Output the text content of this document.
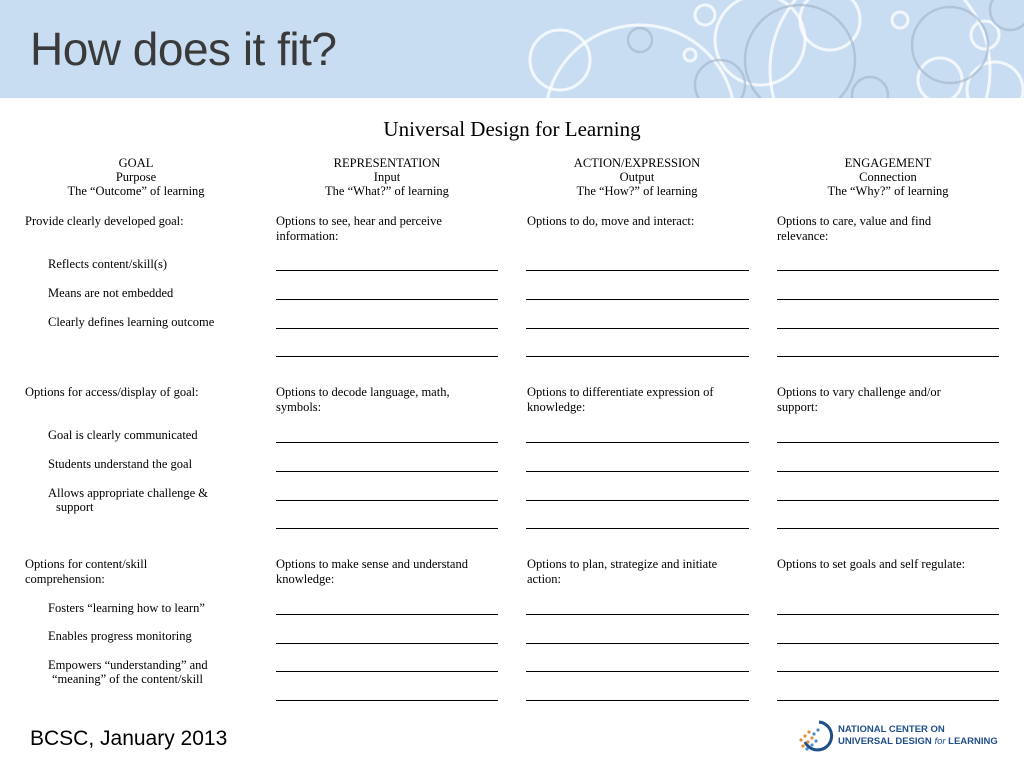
How does it fit?
Universal Design for Learning
GOAL
Purpose
The “Outcome” of learning
REPRESENTATION
Input
The “What?” of learning
ACTION/EXPRESSION
Output
The “How?” of learning
ENGAGEMENT
Connection
The “Why?” of learning
Provide clearly developed goal:
Reflects content/skill(s)
Means are not embedded
Clearly defines learning outcome
Options to see, hear and perceive
information:
Options to do, move and interact:	Options to care, value and find
relevance:
Options for access/display of goal:
Goal is clearly communicated
Students understand the goal
Allows appropriate challenge &
support
Options to decode language, math,
symbols:
Options to differentiate expression of
knowledge:
Options to vary challenge and/or
support:
Options for content/skill
comprehension:
Fosters “learning how to learn”
Enables progress monitoring
Empowers “understanding” and
“meaning” of the content/skill
Options to make sense and understand
knowledge:
Options to plan, strategize and initiate
action:
Options to set goals and self regulate:
BCSC, January 2013	NATIONAL CENTER ON
UNIVERSAL DESIGN for LEARNING
